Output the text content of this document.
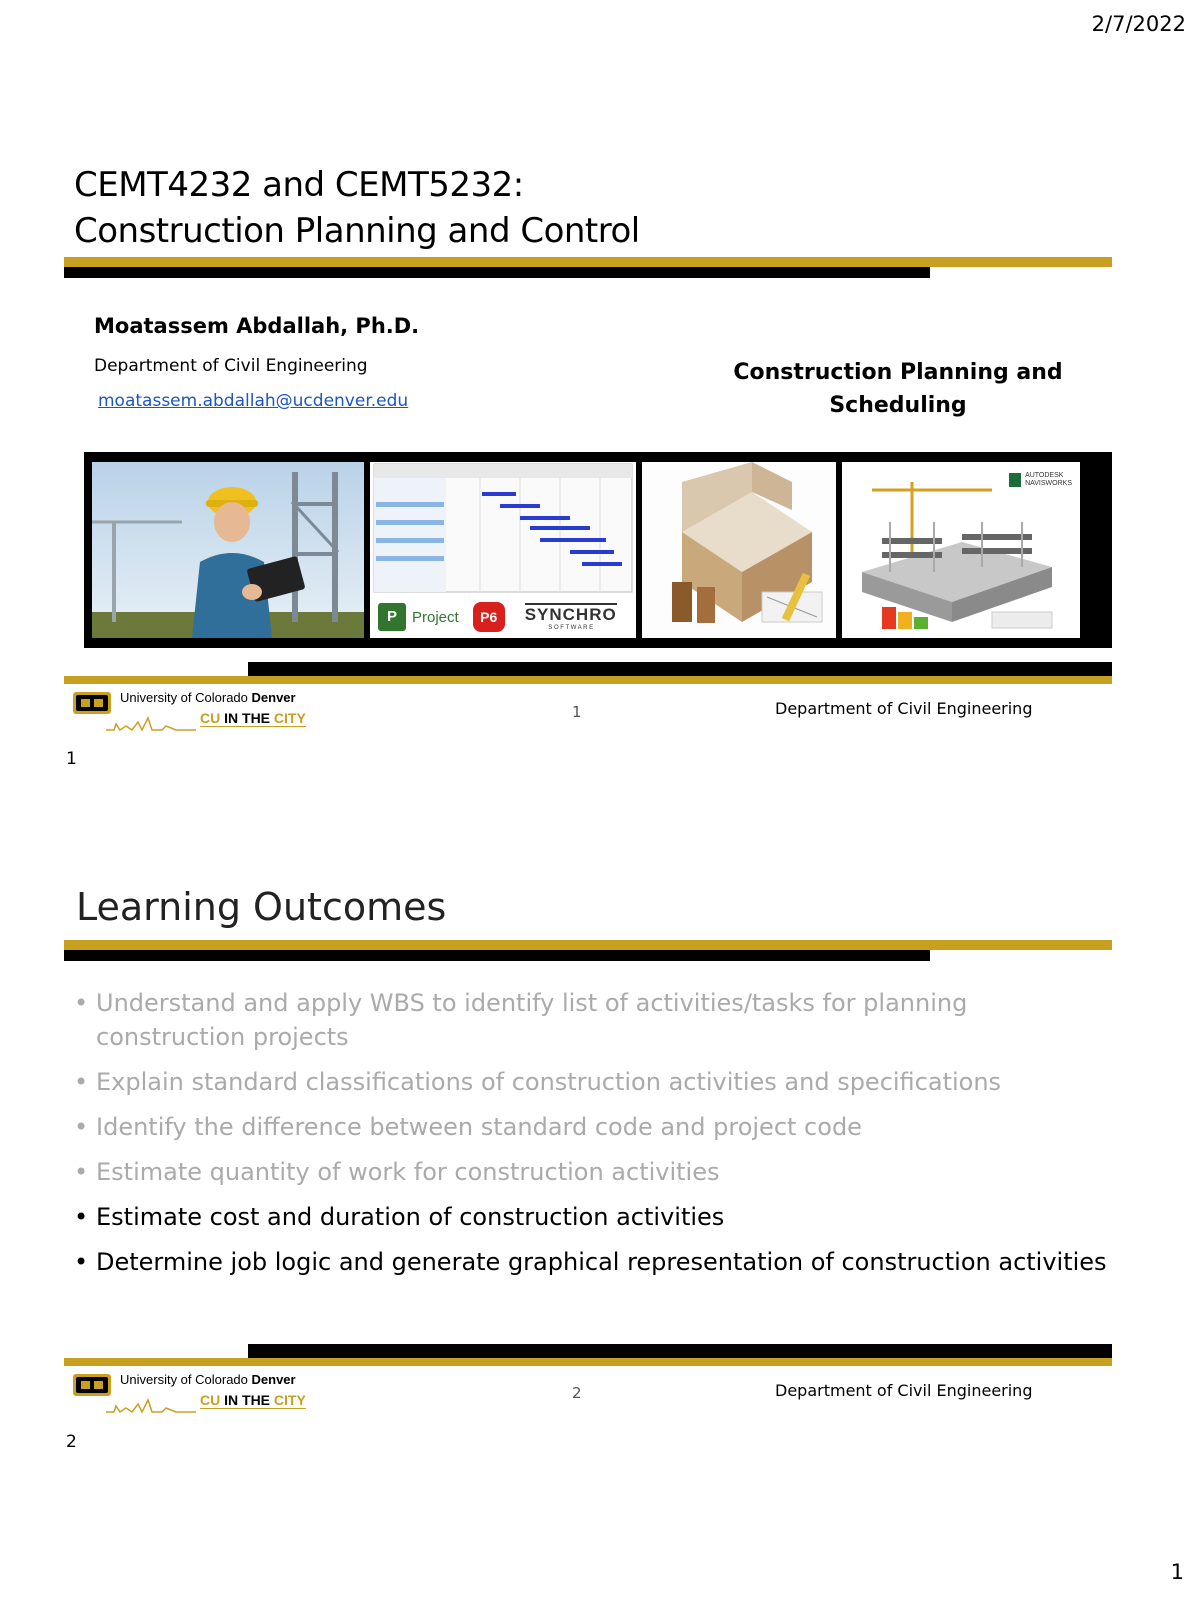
2/7/2022
CEMT4232 and CEMT5232:
Construction Planning and Control
Moatassem Abdallah, Ph.D.
Department of Civil Engineering
moatassem.abdallah@ucdenver.edu
Construction Planning and
Scheduling
P	Project	P6	SYNCHRO
S O F T W A R E
AUTODESK
NAVISWORKS
University of Colorado Denver
CU IN THE CITY	1	Department of Civil Engineering
1
Learning Outcomes
• Understand and apply WBS to identify list of activities/tasks for planning construction projects
• Explain standard classifications of construction activities and specifications
• Identify the difference between standard code and project code
• Estimate quantity of work for construction activities
• Estimate cost and duration of construction activities
• Determine job logic and generate graphical representation of construction activities
University of Colorado Denver
CU IN THE CITY	2	Department of Civil Engineering
2
1
